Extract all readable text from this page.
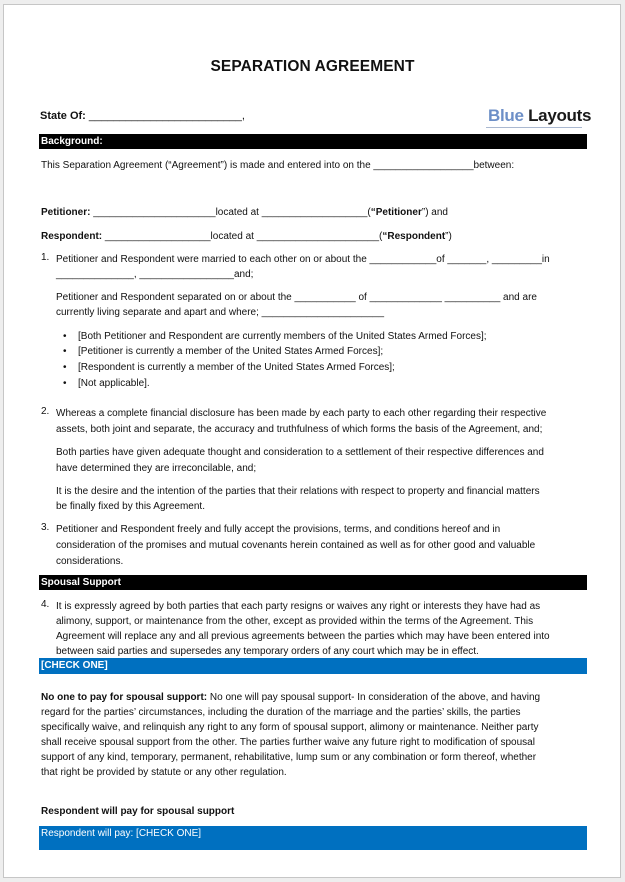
SEPARATION AGREEMENT
State Of: _________________________,	Blue Layouts
Background:
This Separation Agreement (“Agreement”) is made and entered into on the __________________between:
Petitioner: ______________________located at ___________________(“Petitioner”) and
Respondent: ___________________located at ______________________(“Respondent”)
1. Petitioner and Respondent were married to each other on or about the ____________of _______, _________in
______________, _________________and;
Petitioner and Respondent separated on or about the ___________ of _____________ __________ and are
currently living separate and apart and where; ______________________
• [Both Petitioner and Respondent are currently members of the United States Armed Forces];
• [Petitioner is currently a member of the United States Armed Forces];
• [Respondent is currently a member of the United States Armed Forces];
• [Not applicable].
2. Whereas a complete financial disclosure has been made by each party to each other regarding their respective
assets, both joint and separate, the accuracy and truthfulness of which forms the basis of the Agreement, and;
Both parties have given adequate thought and consideration to a settlement of their respective differences and
have determined they are irreconcilable, and;
It is the desire and the intention of the parties that their relations with respect to property and financial matters
be finally fixed by this Agreement.
3. Petitioner and Respondent freely and fully accept the provisions, terms, and conditions hereof and in
consideration of the promises and mutual covenants herein contained as well as for other good and valuable
considerations.
Spousal Support
4. It is expressly agreed by both parties that each party resigns or waives any right or interests they have had as
alimony, support, or maintenance from the other, except as provided within the terms of the Agreement. This
Agreement will replace any and all previous agreements between the parties which may have been entered into
between said parties and supersedes any temporary orders of any court which may be in effect.
[CHECK ONE]
No one to pay for spousal support: No one will pay spousal support- In consideration of the above, and having
regard for the parties’ circumstances, including the duration of the marriage and the parties’ skills, the parties
specifically waive, and relinquish any right to any form of spousal support, alimony or maintenance. Neither party
shall receive spousal support from the other. The parties further waive any future right to modification of spousal
support of any kind, temporary, permanent, rehabilitative, lump sum or any combination or form thereof, whether
that right be provided by statute or any other regulation.
Respondent will pay for spousal support
Respondent will pay: [CHECK ONE]
